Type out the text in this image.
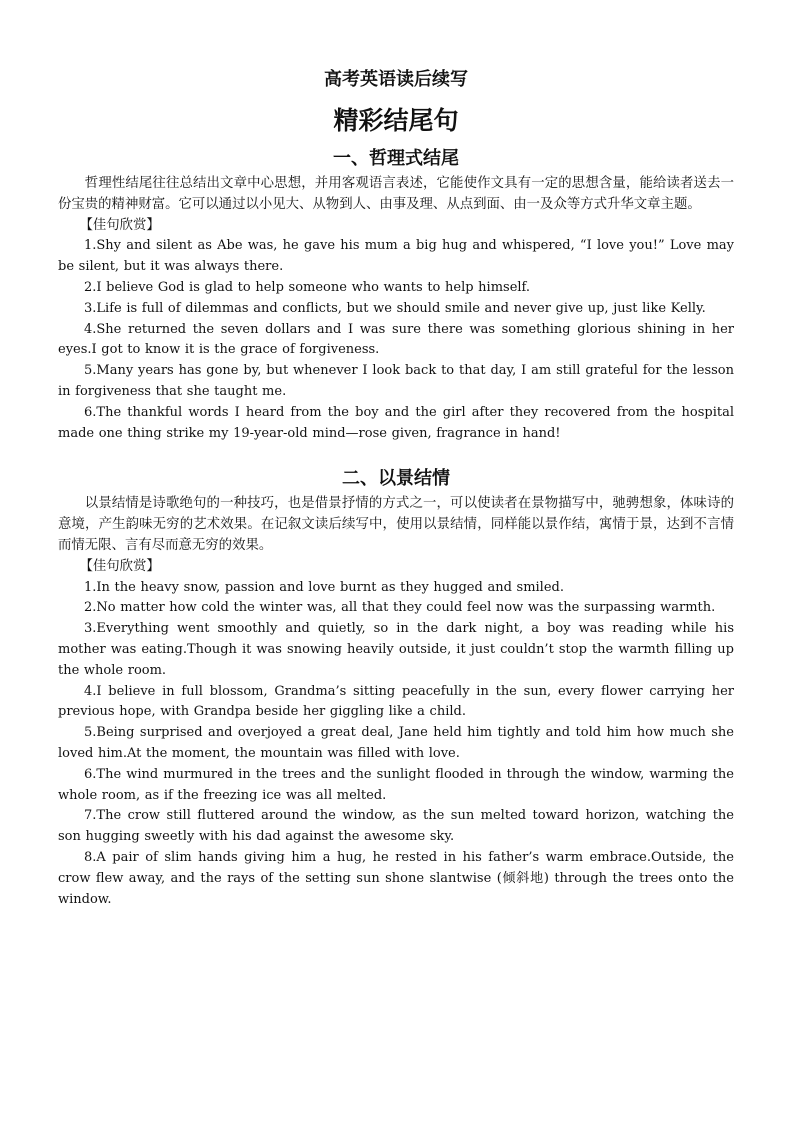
高考英语读后续写
精彩结尾句
一、哲理式结尾

哲理性结尾往往总结出文章中心思想，并用客观语言表述，它能使作文具有一定的思想含量，能给读者送去一份宝贵的精神财富。它可以通过以小见大、从物到人、由事及理、从点到面、由一及众等方式升华文章主题。

【佳句欣赏】

1.Shy and silent as Abe was, he gave his mum a big hug and whispered, “I love you!” Love may be silent, but it was always there.

2.I believe God is glad to help someone who wants to help himself.

3.Life is full of dilemmas and conflicts, but we should smile and never give up, just like Kelly.

4.She returned the seven dollars and I was sure there was something glorious shining in her eyes.I got to know it is the grace of forgiveness.

5.Many years has gone by, but whenever I look back to that day, I am still grateful for the lesson in forgiveness that she taught me.

6.The thankful words I heard from the boy and the girl after they recovered from the hospital made one thing strike my 19-year-old mind—rose given, fragrance in hand!

二、以景结情

以景结情是诗歌绝句的一种技巧，也是借景抒情的方式之一，可以使读者在景物描写中，驰骋想象，体味诗的意境，产生韵味无穷的艺术效果。在记叙文读后续写中，使用以景结情，同样能以景作结，寓情于景，达到不言情而情无限、言有尽而意无穷的效果。

【佳句欣赏】

1.In the heavy snow, passion and love burnt as they hugged and smiled.

2.No matter how cold the winter was, all that they could feel now was the surpassing warmth.

3.Everything went smoothly and quietly, so in the dark night, a boy was reading while his mother was eating.Though it was snowing heavily outside, it just couldn’t stop the warmth filling up the whole room.

4.I believe in full blossom, Grandma’s sitting peacefully in the sun, every flower carrying her previous hope, with Grandpa beside her giggling like a child.

5.Being surprised and overjoyed a great deal, Jane held him tightly and told him how much she loved him.At the moment, the mountain was filled with love.

6.The wind murmured in the trees and the sunlight flooded in through the window, warming the whole room, as if the freezing ice was all melted.

7.The crow still fluttered around the window, as the sun melted toward horizon, watching the son hugging sweetly with his dad against the awesome sky.

8.A pair of slim hands giving him a hug, he rested in his father’s warm embrace.Outside, the crow flew away, and the rays of the setting sun shone slantwise (倾斜地) through the trees onto the window.
